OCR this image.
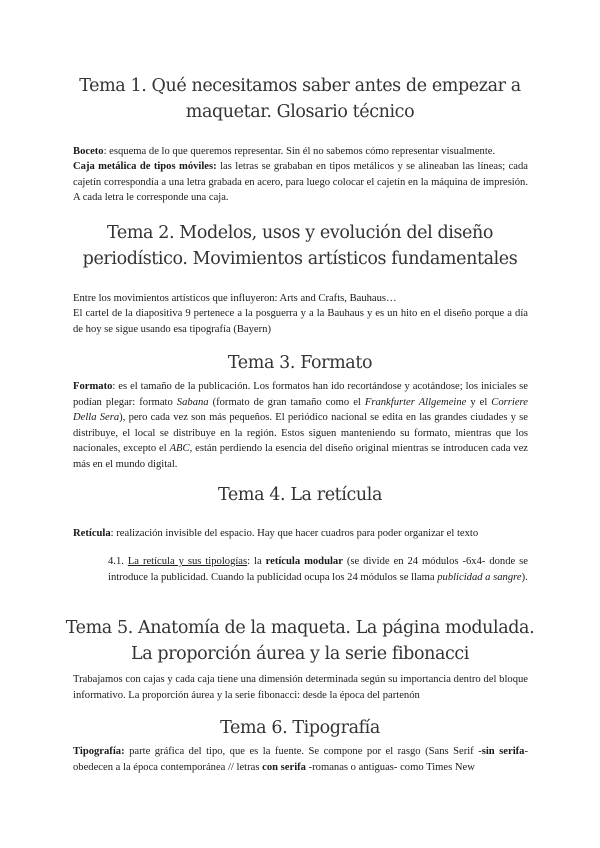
Tema 1. Qué necesitamos saber antes de empezar a maquetar. Glosario técnico

Boceto: esquema de lo que queremos representar. Sin él no sabemos cómo representar visualmente.

Caja metálica de tipos móviles: las letras se grababan en tipos metálicos y se alineaban las líneas; cada cajetín correspondía a una letra grabada en acero, para luego colocar el cajetín en la máquina de impresión. A cada letra le corresponde una caja.

Tema 2. Modelos, usos y evolución del diseño periodístico. Movimientos artísticos fundamentales

Entre los movimientos artísticos que influyeron: Arts and Crafts, Bauhaus…

El cartel de la diapositiva 9 pertenece a la posguerra y a la Bauhaus y es un hito en el diseño porque a día de hoy se sigue usando esa tipografía (Bayern)

Tema 3. Formato

Formato: es el tamaño de la publicación. Los formatos han ido recortándose y acotándose; los iniciales se podían plegar: formato Sabana (formato de gran tamaño como el Frankfurter Allgemeine y el Corriere Della Sera), pero cada vez son más pequeños. El periódico nacional se edita en las grandes ciudades y se distribuye, el local se distribuye en la región. Estos siguen manteniendo su formato, mientras que los nacionales, excepto el ABC, están perdiendo la esencia del diseño original mientras se introducen cada vez más en el mundo digital.

Tema 4. La retícula

Retícula: realización invisible del espacio. Hay que hacer cuadros para poder organizar el texto

4.1. La retícula y sus tipologías: la retícula modular (se divide en 24 módulos -6x4- donde se introduce la publicidad. Cuando la publicidad ocupa los 24 módulos se llama publicidad a sangre).

Tema 5. Anatomía de la maqueta. La página modulada. La proporción áurea y la serie fibonacci

Trabajamos con cajas y cada caja tiene una dimensión determinada según su importancia dentro del bloque informativo. La proporción áurea y la serie fibonacci: desde la época del partenón

Tema 6. Tipografía

Tipografía: parte gráfica del tipo, que es la fuente. Se compone por el rasgo (Sans Serif -sin serifa- obedecen a la época contemporánea // letras con serifa -romanas o antiguas- como Times New
